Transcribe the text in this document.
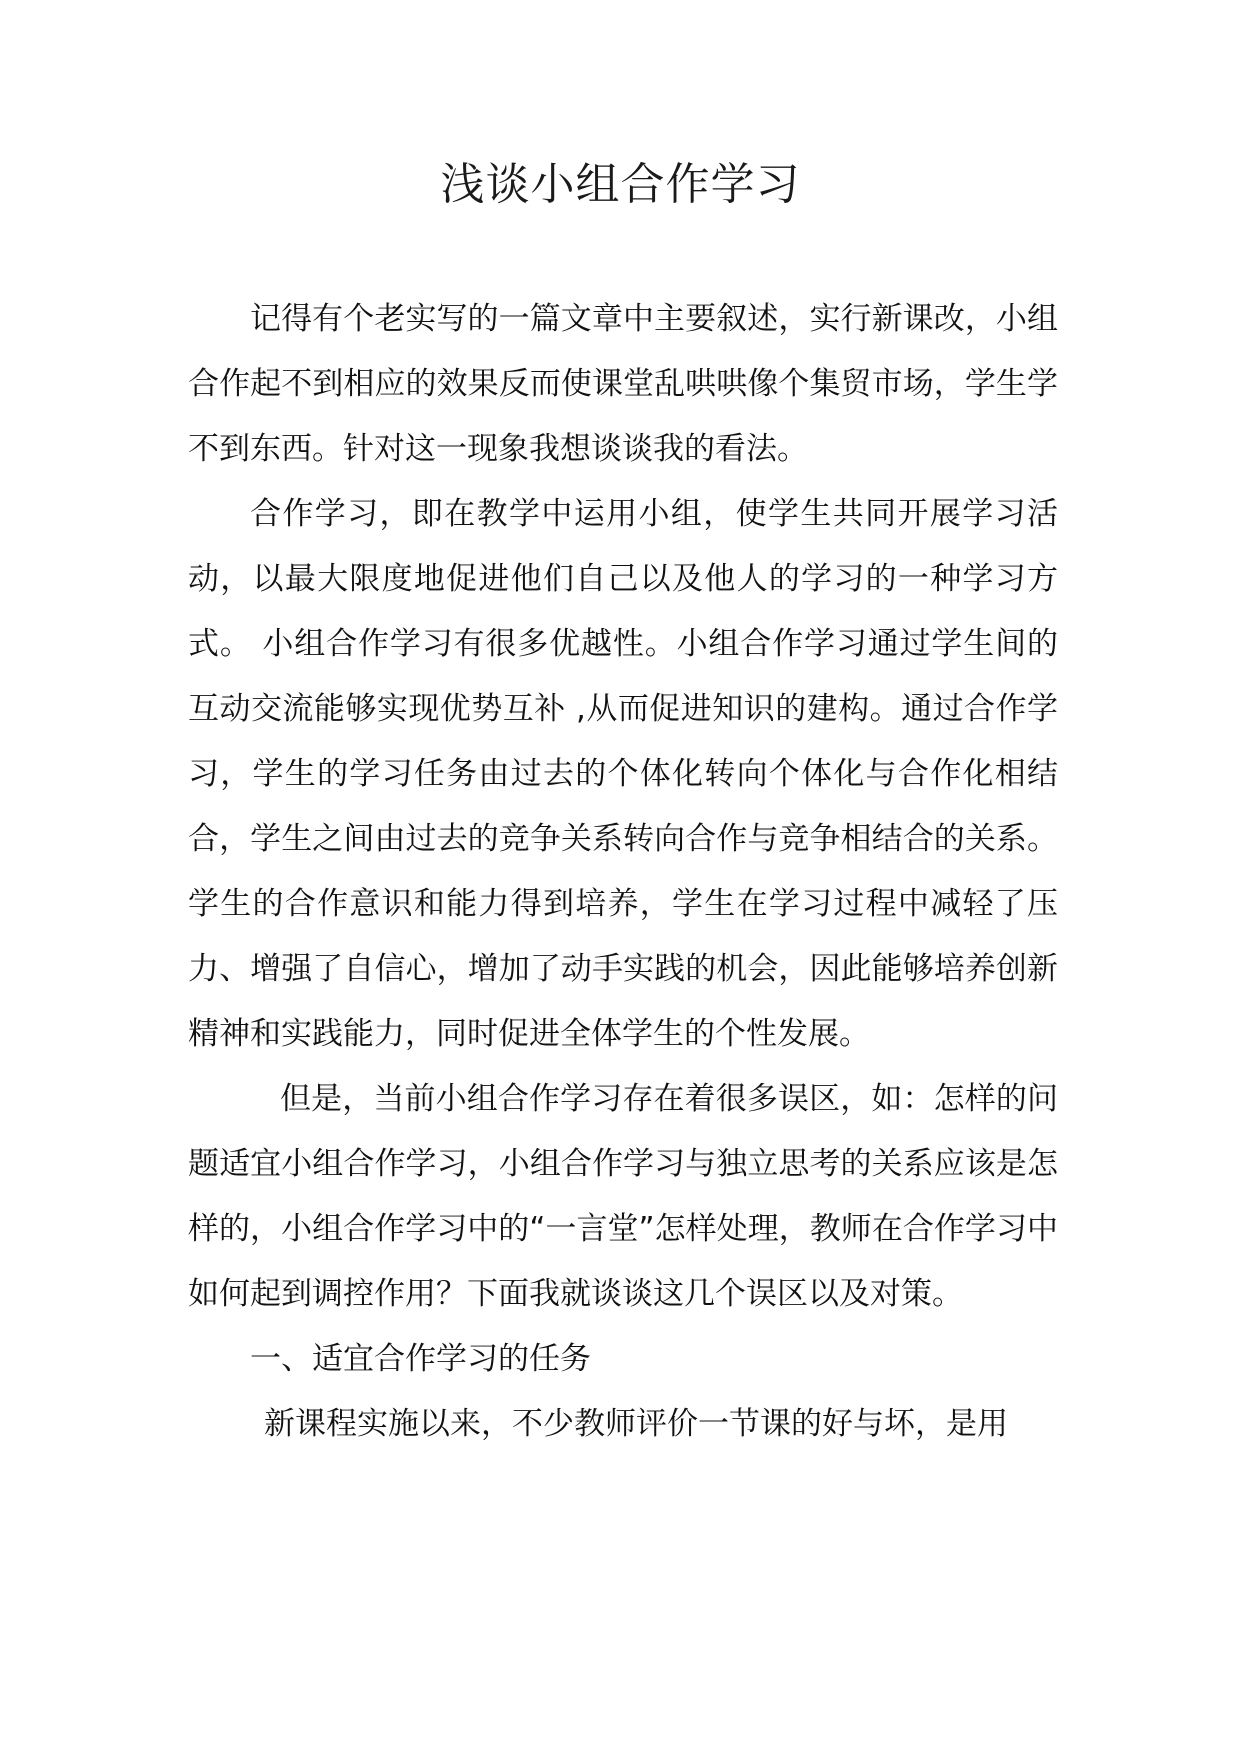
浅谈小组合作学习

记得有个老实写的一篇文章中主要叙述，实行新课改，小组合作起不到相应的效果反而使课堂乱哄哄像个集贸市场，学生学不到东西。针对这一现象我想谈谈我的看法。

合作学习，即在教学中运用小组，使学生共同开展学习活动，以最大限度地促进他们自己以及他人的学习的一种学习方式。 小组合作学习有很多优越性。小组合作学习通过学生间的互动交流能够实现优势互补 ,从而促进知识的建构。通过合作学习，学生的学习任务由过去的个体化转向个体化与合作化相结合，学生之间由过去的竞争关系转向合作与竞争相结合的关系。学生的合作意识和能力得到培养，学生在学习过程中减轻了压力、增强了自信心，增加了动手实践的机会，因此能够培养创新精神和实践能力，同时促进全体学生的个性发展。

但是，当前小组合作学习存在着很多误区，如：怎样的问题适宜小组合作学习，小组合作学习与独立思考的关系应该是怎样的，小组合作学习中的“一言堂”怎样处理，教师在合作学习中如何起到调控作用？下面我就谈谈这几个误区以及对策。

一、适宜合作学习的任务

新课程实施以来，不少教师评价一节课的好与坏，是用
